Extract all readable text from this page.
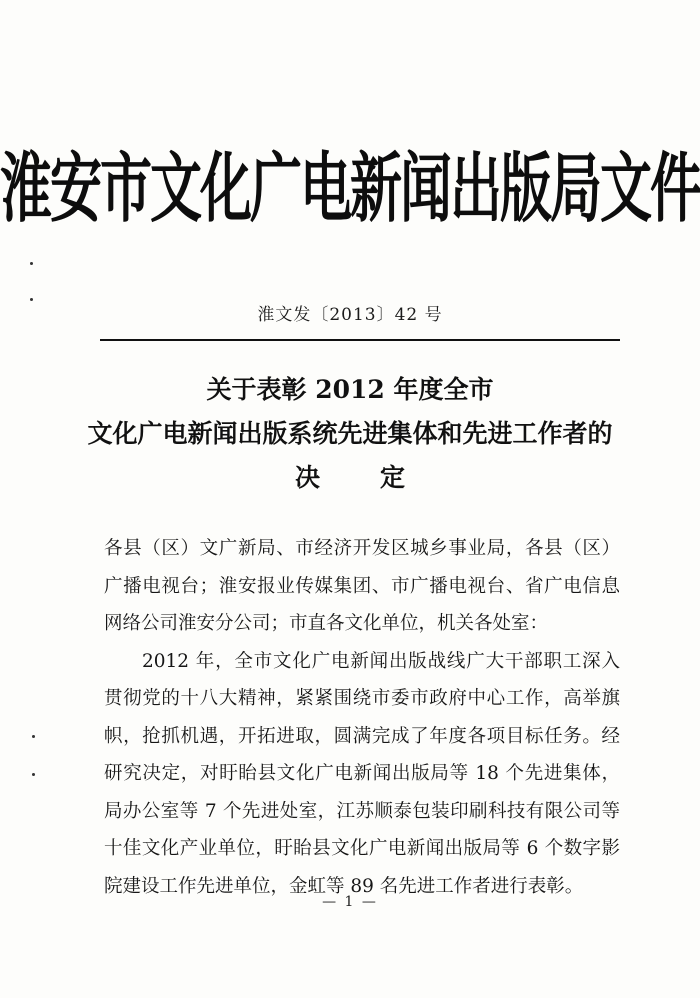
淮安市文化广电新闻出版局文件
淮文发〔2013〕42 号
关于表彰 2012 年度全市
文化广电新闻出版系统先进集体和先进工作者的
决定

各县（区）文广新局、市经济开发区城乡事业局，各县（区）广播电视台；淮安报业传媒集团、市广播电视台、省广电信息网络公司淮安分公司；市直各文化单位，机关各处室：

2012 年，全市文化广电新闻出版战线广大干部职工深入贯彻党的十八大精神，紧紧围绕市委市政府中心工作，高举旗帜，抢抓机遇，开拓进取，圆满完成了年度各项目标任务。经研究决定，对盱眙县文化广电新闻出版局等 18 个先进集体，局办公室等 7 个先进处室，江苏顺泰包装印刷科技有限公司等十佳文化产业单位，盱眙县文化广电新闻出版局等 6 个数字影院建设工作先进单位，金虹等 89 名先进工作者进行表彰。

— 1 —
